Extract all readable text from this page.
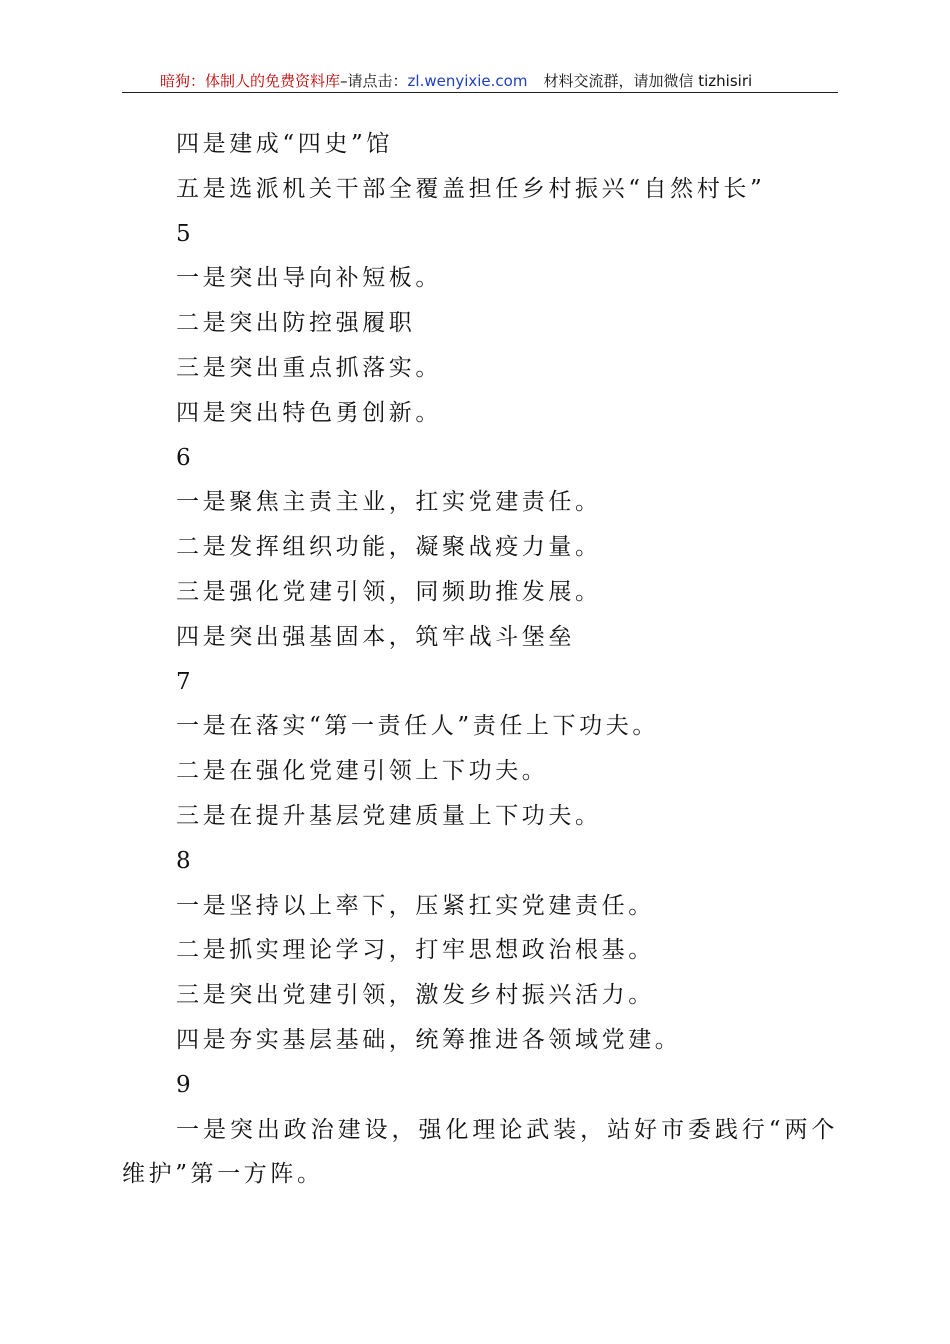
暗狗：体制人的免费资料库–请点击：zl.wenyixie.com 材料交流群，请加微信 tizhisiri

四是建成“四史”馆

五是选派机关干部全覆盖担任乡村振兴“自然村长”

5

一是突出导向补短板。

二是突出防控强履职

三是突出重点抓落实。

四是突出特色勇创新。

6

一是聚焦主责主业，扛实党建责任。

二是发挥组织功能，凝聚战疫力量。

三是强化党建引领，同频助推发展。

四是突出强基固本，筑牢战斗堡垒

7

一是在落实“第一责任人”责任上下功夫。

二是在强化党建引领上下功夫。

三是在提升基层党建质量上下功夫。

8

一是坚持以上率下，压紧扛实党建责任。

二是抓实理论学习，打牢思想政治根基。

三是突出党建引领，激发乡村振兴活力。

四是夯实基层基础，统筹推进各领域党建。

9

一是突出政治建设，强化理论武装，站好市委践行“两个维护”第一方阵。
